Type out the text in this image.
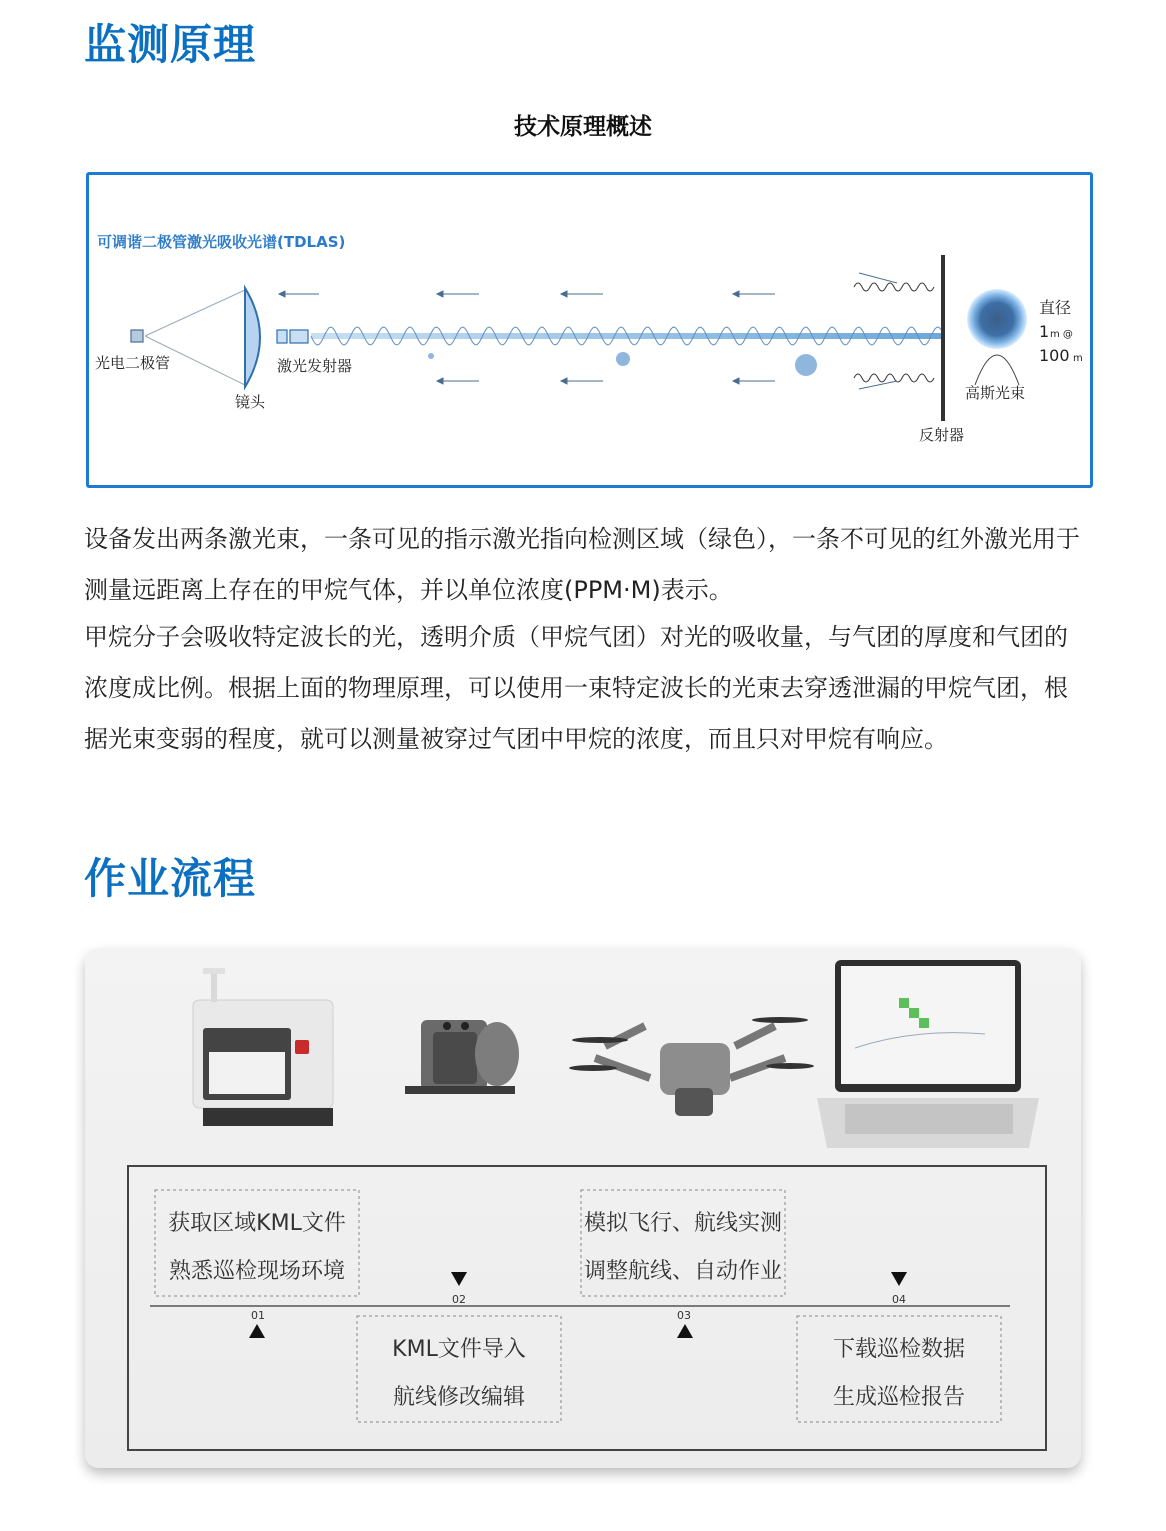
监测原理
技术原理概述
可调谐二极管激光吸收光谱(TDLAS)
光电二极管
镜头
激光发射器
反射器
高斯光束
直径
1 m @
100 m
设备发出两条激光束，一条可见的指示激光指向检测区域（绿色），一条不可见的红外激光用于测量远距离上存在的甲烷气体，并以单位浓度(PPM·M)表示。
甲烷分子会吸收特定波长的光，透明介质（甲烷气团）对光的吸收量，与气团的厚度和气团的浓度成比例。根据上面的物理原理，可以使用一束特定波长的光束去穿透泄漏的甲烷气团，根据光束变弱的程度，就可以测量被穿过气团中甲烷的浓度，而且只对甲烷有响应。
作业流程
01
02
03
04
获取区域KML文件
熟悉巡检现场环境
KML文件导入
航线修改编辑
模拟飞行、航线实测
调整航线、自动作业
下载巡检数据
生成巡检报告
